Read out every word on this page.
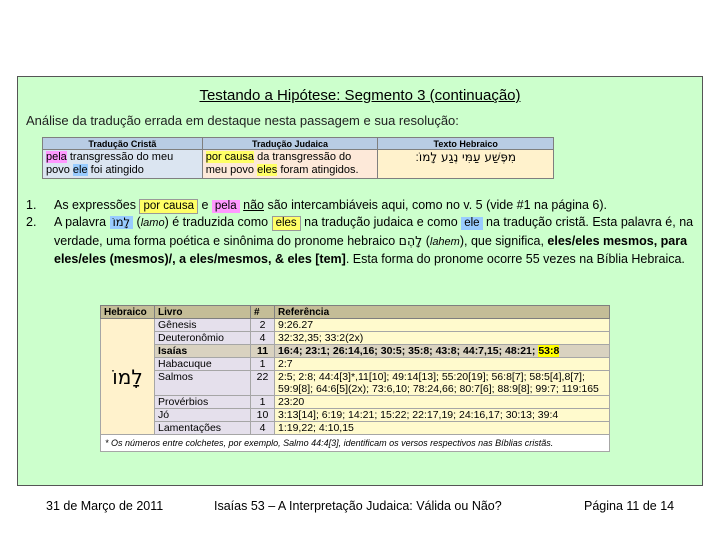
Testando a Hipótese: Segmento 3 (continuação)
Análise da tradução errada em destaque nesta passagem e sua resolução:
Tradução Cristã	Tradução Judaica	Texto Hebraico
pela transgressão do meu povo ele foi atingido	por causa da transgressão do meu povo eles foram atingidos.	מִפֶּשַׁע עַמִּי נֶגַע לָמוֹ׃
1. As expressões por causa e pela não são intercambiáveis aqui, como no v. 5 (vide #1 na página 6).
2. A palavra לָמוֹ (lamo) é traduzida como eles na tradução judaica e como ele na tradução cristã. Esta palavra é, na verdade, uma forma poética e sinônima do pronome hebraico לָהֶם (lahem), que significa, eles/eles mesmos, para eles/eles (mesmos)/, a eles/mesmos, & eles [tem]. Esta forma do pronome ocorre 55 vezes na Bíblia Hebraica.
Hebraico	Livro	#	Referência
לָמוֹ	Gênesis	2	9:26.27
	Deuteronômio	4	32:32,35; 33:2(2x)
	Isaías	11	16:4; 23:1; 26:14,16; 30:5; 35:8; 43:8; 44:7,15; 48:21; 53:8
	Habacuque	1	2:7
	Salmos	22	2:5; 2:8; 44:4[3]*,11[10]; 49:14[13]; 55:20[19]; 56:8[7]; 58:5[4],8[7]; 59:9[8]; 64:6[5](2x); 73:6,10; 78:24,66; 80:7[6]; 88:9[8]; 99:7; 119:165
	Provérbios	1	23:20
	Jó	10	3:13[14]; 6:19; 14:21; 15:22; 22:17,19; 24:16,17; 30:13; 39:4
	Lamentações	4	1:19,22; 4:10,15
* Os números entre colchetes, por exemplo, Salmo 44:4[3], identificam os versos respectivos nas Bíblias cristãs.			
31 de Março de 2011	Isaías 53 – A Interpretação Judaica: Válida ou Não?	Página 11 de 14
